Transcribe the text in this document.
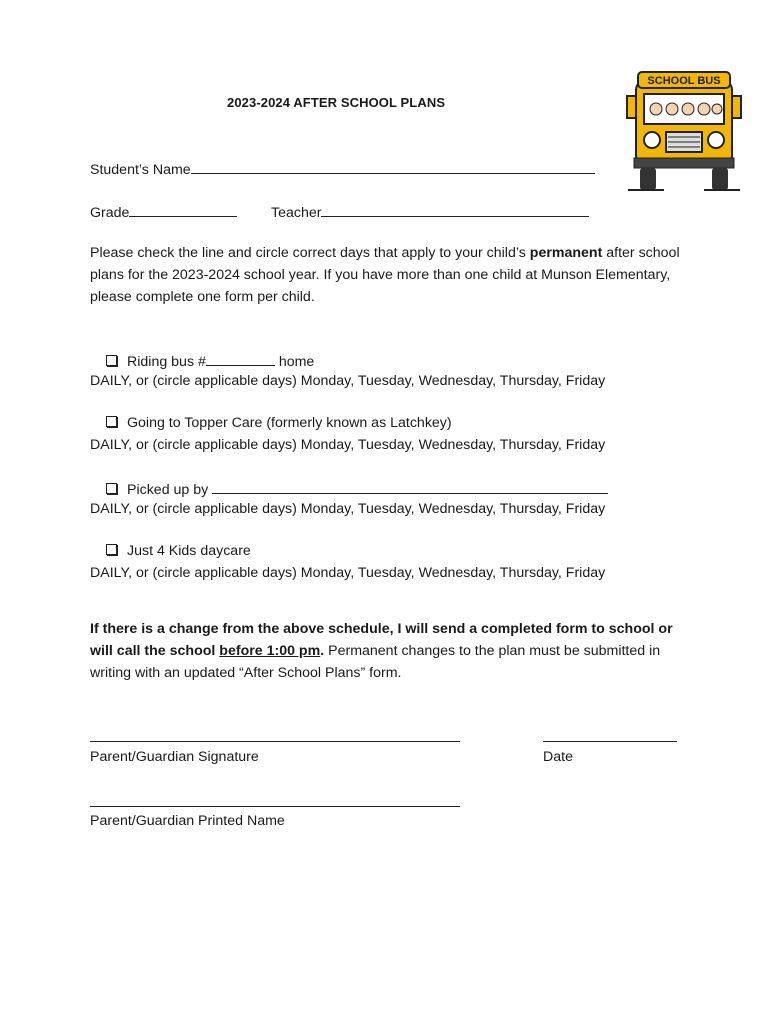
2023-2024 AFTER SCHOOL PLANS
SCHOOL BUS
Student’s Name
Grade	Teacher
Please check the line and circle correct days that apply to your child’s permanent after school plans for the 2023-2024 school year. If you have more than one child at Munson Elementary, please complete one form per child.
Riding bus #	home
DAILY, or (circle applicable days) Monday, Tuesday, Wednesday, Thursday, Friday
Going to Topper Care (formerly known as Latchkey)
DAILY, or (circle applicable days) Monday, Tuesday, Wednesday, Thursday, Friday
Picked up by
DAILY, or (circle applicable days) Monday, Tuesday, Wednesday, Thursday, Friday
Just 4 Kids daycare
DAILY, or (circle applicable days) Monday, Tuesday, Wednesday, Thursday, Friday
If there is a change from the above schedule, I will send a completed form to school or will call the school before 1:00 pm. Permanent changes to the plan must be submitted in writing with an updated “After School Plans” form.
Parent/Guardian Signature	Date
Parent/Guardian Printed Name
